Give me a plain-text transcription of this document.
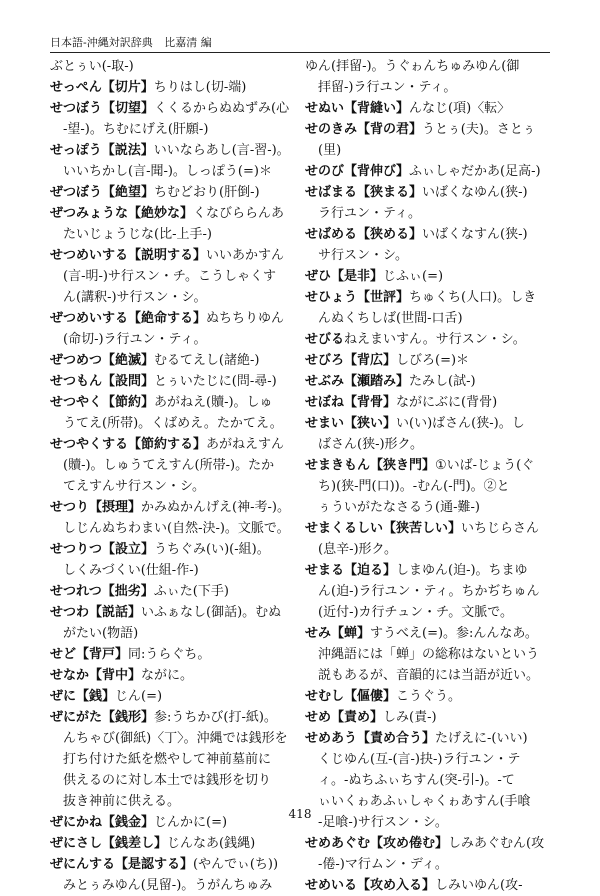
日本語-沖縄対訳辞典 比嘉清 編

ぶとぅい(-取-)

せっぺん【切片】ちりはし(切-端)

せつぼう【切望】くくるからぬぬずみ(心
-望-)。ちむにげえ(肝願-)

せっぽう【説法】いいならあし(言-習-)。
いいちかし(言-聞-)。しっぽう(=)＊

ぜつぼう【絶望】ちむどおり(肝倒-)

ぜつみょうな【絶妙な】くなびららんあ
たいじょうじな(比-上手-)

せつめいする【説明する】いいあかすん
(言-明-)サ行スン・チ。こうしゃくす
ん(講釈-)サ行スン・シ。

ぜつめいする【絶命する】ぬちちりゆん
(命切-)ラ行ユン・ティ。

ぜつめつ【絶滅】むるてえし(諸絶-)

せつもん【設問】とぅいたじに(問-尋-)

せつやく【節約】あがねえ(贖-)。しゅ
うてえ(所帯)。くばめえ。たかてえ。

せつやくする【節約する】あがねえすん
(贖-)。しゅうてえすん(所帯-)。たか
てえすんサ行スン・シ。

せつり【摂理】かみぬかんげえ(神-考-)。
しじんぬちわまい(自然-決-)。文脈で。

せつりつ【設立】うちぐみ(い)(-組)。
しくみづくい(仕組-作-)

せつれつ【拙劣】ふぃた(下手)

せつわ【説話】いふぁなし(御話)。むぬ
がたい(物語)

せど【背戸】同:うらぐち。

せなか【背中】ながに。

ぜに【銭】じん(=)

ぜにがた【銭形】参:うちかび(打-紙)。
んちゃび(御紙)〈丁〉。沖縄では銭形を
打ち付けた紙を燃やして神前墓前に
供えるのに対し本土では銭形を切り
抜き神前に供える。

ぜにかね【銭金】じんかに(=)

ぜにさし【銭差し】じんなあ(銭縄)

ぜにんする【是認する】(やんでぃ(ち))
みとぅみゆん(見留-)。うがんちゅみ

ゆん(拝留-)。うぐゎんちゅみゆん(御
拝留-)ラ行ユン・ティ。

せぬい【背縫い】んなじ(項)〈転〉

せのきみ【背の君】うとぅ(夫)。さとぅ
(里)

せのび【背伸び】ふぃしゃだかあ(足高-)

せばまる【狭まる】いばくなゆん(狭-)
ラ行ユン・ティ。

せばめる【狭める】いばくなすん(狭-)
サ行スン・シ。

ぜひ【是非】じふぃ(=)

せひょう【世評】ちゅくち(人口)。しき
んぬくちしば(世間-口舌)

せびるねえまいすん。サ行スン・シ。

せびろ【背広】しびろ(=)＊

せぶみ【瀬踏み】たみし(試-)

せぼね【背骨】ながにぶに(背骨)

せまい【狭い】い(い)ばさん(狭-)。し
ばさん(狭-)形ク。

せまきもん【狭き門】①いば-じょう(ぐ
ち)(狭-門(口))。-むん(-門)。②と
ぅういがたなさるう(通-難-)

せまくるしい【狭苦しい】いちじらさん
(息辛-)形ク。

せまる【迫る】しまゆん(迫-)。ちまゆ
ん(迫-)ラ行ユン・ティ。ちかぢちゅん
(近付-)カ行チュン・チ。文脈で。

せみ【蝉】すうべえ(=)。参:んんなあ。
沖縄語には「蝉」の総称はないという
説もあるが、音韻的には当語が近い。

せむし【傴僂】こうぐう。

せめ【責め】しみ(責-)

せめあう【責め合う】たげえに-(いい)
くじゆん(互-(言-)抉-)ラ行ユン・テ
ィ。-ぬちふぃちすん(突-引-)。-て
ぃいくゎあふぃしゃくゎあすん(手喰
-足喰-)サ行スン・シ。

せめあぐむ【攻め倦む】しみあぐむん(攻
-倦-)マ行ムン・ディ。

せめいる【攻め入る】しみいゆん(攻-

418
